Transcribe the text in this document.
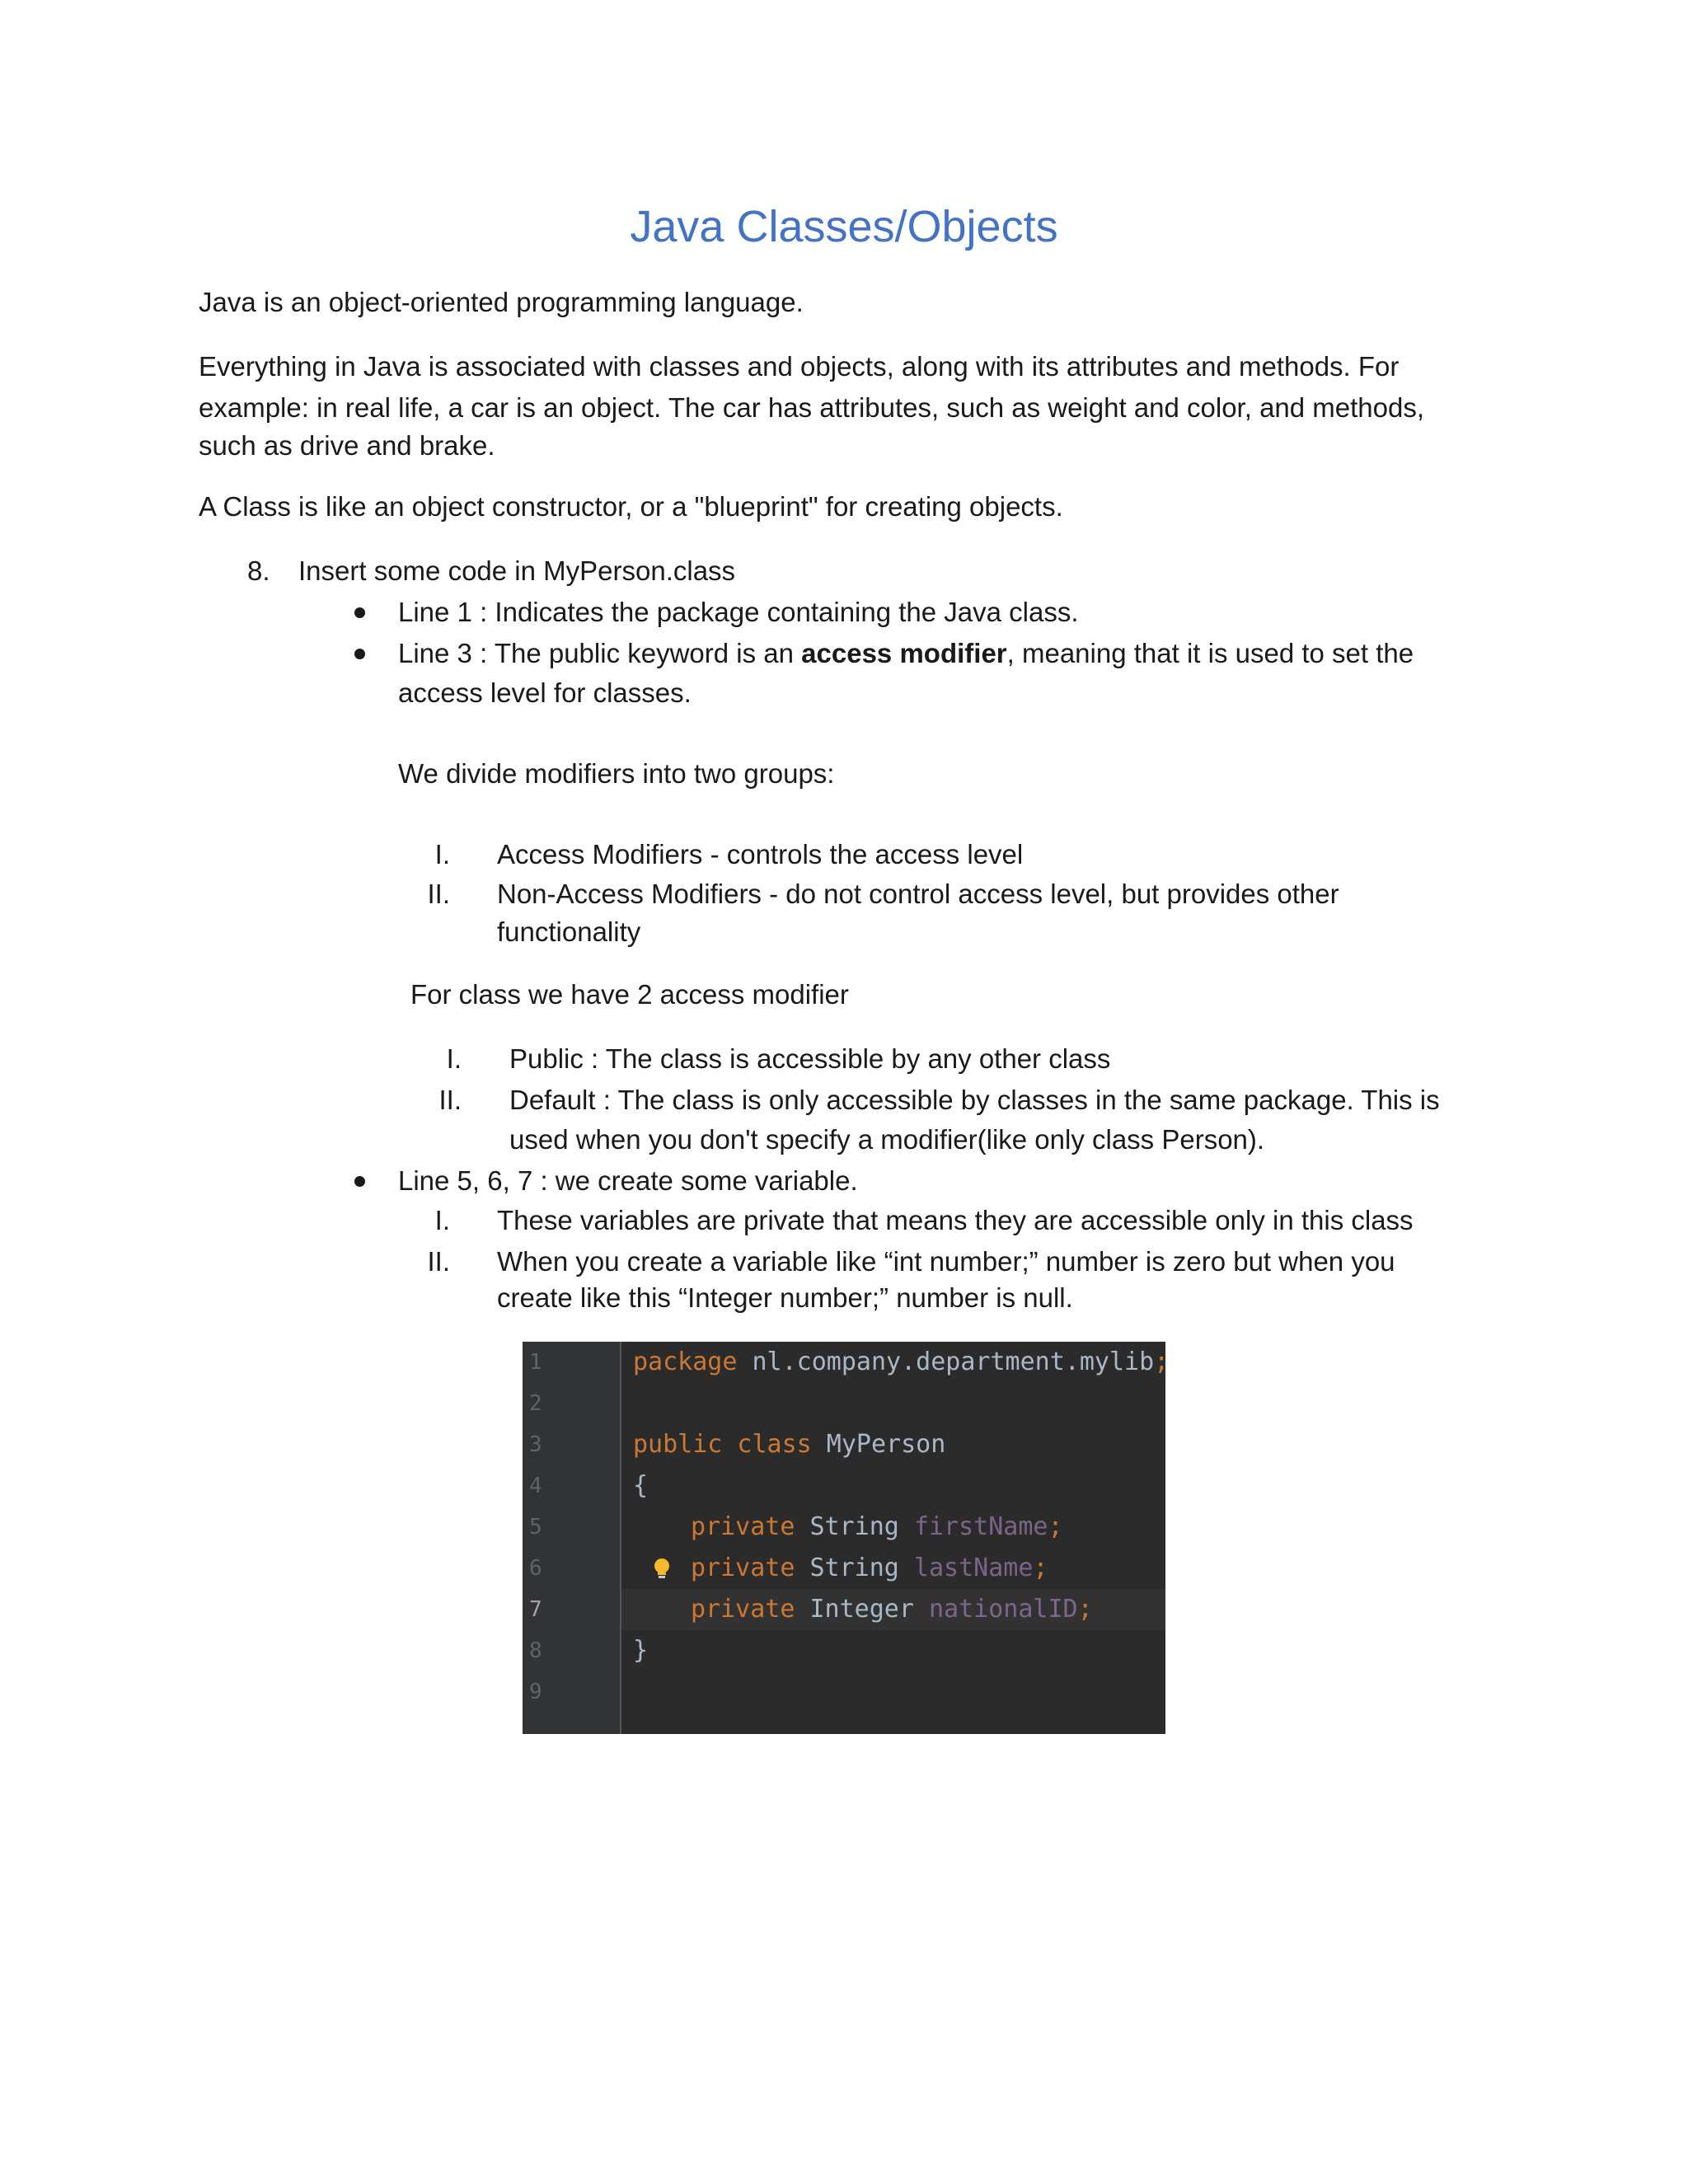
Java Classes/Objects
Java is an object-oriented programming language.
Everything in Java is associated with classes and objects, along with its attributes and methods. For
example: in real life, a car is an object. The car has attributes, such as weight and color, and methods,
such as drive and brake.
A Class is like an object constructor, or a "blueprint" for creating objects.
8. Insert some code in MyPerson.class
Line 1 : Indicates the package containing the Java class.
Line 3 : The public keyword is an access modifier, meaning that it is used to set the
access level for classes.
We divide modifiers into two groups:
I. Access Modifiers - controls the access level
II. Non-Access Modifiers - do not control access level, but provides other
functionality
For class we have 2 access modifier
I. Public : The class is accessible by any other class
II. Default : The class is only accessible by classes in the same package. This is
used when you don't specify a modifier(like only class Person).
Line 5, 6, 7 : we create some variable.
I. These variables are private that means they are accessible only in this class
II. When you create a variable like “int number;” number is zero but when you
create like this “Integer number;” number is null.
1
2
3
4
5
6
7
8
9
package nl.company.department.mylib;
public class MyPerson
{
private String firstName;
private String lastName;
private Integer nationalID;
}
